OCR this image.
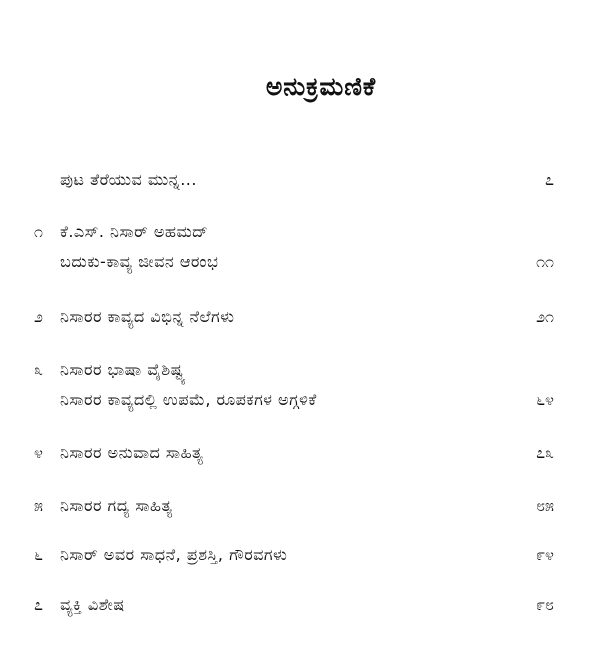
ಅನುಕ್ರಮಣಿಕೆ
ಪುಟ ತೆರೆಯುವ ಮುನ್ನ...	೭
೧	ಕೆ.ಎಸ್. ನಿಸಾರ್ ಅಹಮದ್
ಬದುಕು-ಕಾವ್ಯ ಜೀವನ ಆರಂಭ	೧೧
೨	ನಿಸಾರರ ಕಾವ್ಯದ ವಿಭಿನ್ನ ನೆಲೆಗಳು	೨೧
೩	ನಿಸಾರರ ಭಾಷಾ ವೈಶಿಷ್ಟ್ಯ
ನಿಸಾರರ ಕಾವ್ಯದಲ್ಲಿ ಉಪಮೆ, ರೂಪಕಗಳ ಅಗ್ಗಳಿಕೆ	೬೪
೪	ನಿಸಾರರ ಅನುವಾದ ಸಾಹಿತ್ಯ	೭೩
೫	ನಿಸಾರರ ಗದ್ಯ ಸಾಹಿತ್ಯ	೮೫
೬	ನಿಸಾರ್ ಅವರ ಸಾಧನೆ, ಪ್ರಶಸ್ತಿ, ಗೌರವಗಳು	೯೪
೭	ವ್ಯಕ್ತಿ ವಿಶೇಷ	೯೮
